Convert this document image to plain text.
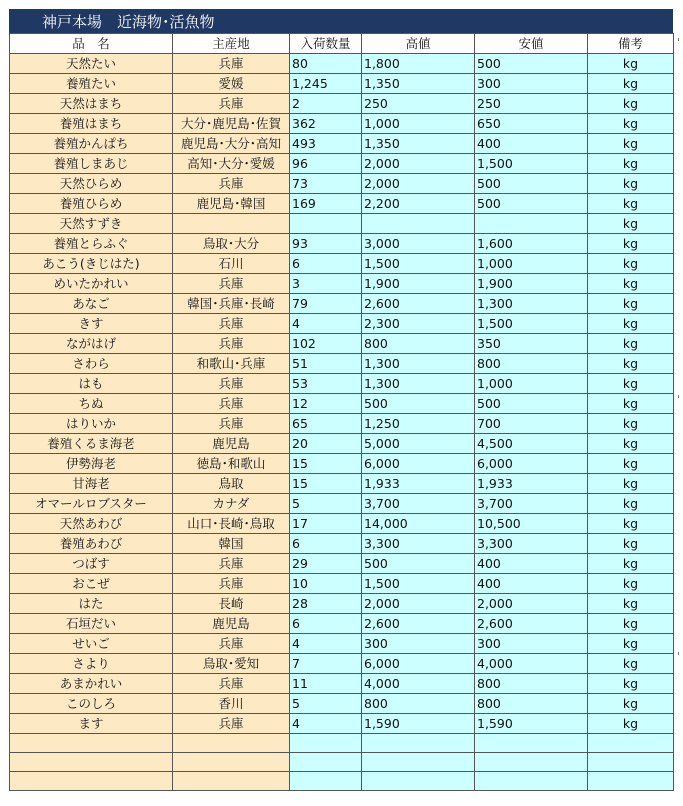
神戸本場　近海物･活魚物
品　名	主産地	入荷数量	高値	安値	備考
天然たい	兵庫	80	1,800	500	kg
養殖たい	愛媛	1,245	1,350	300	kg
天然はまち	兵庫	2	250	250	kg
養殖はまち	大分･鹿児島･佐賀	362	1,000	650	kg
養殖かんぱち	鹿児島･大分･高知	493	1,350	400	kg
養殖しまあじ	高知･大分･愛媛	96	2,000	1,500	kg
天然ひらめ	兵庫	73	2,000	500	kg
養殖ひらめ	鹿児島･韓国	169	2,200	500	kg
天然すずき					kg
養殖とらふぐ	鳥取･大分	93	3,000	1,600	kg
あこう(きじはた)	石川	6	1,500	1,000	kg
めいたかれい	兵庫	3	1,900	1,900	kg
あなご	韓国･兵庫･長崎	79	2,600	1,300	kg
きす	兵庫	4	2,300	1,500	kg
ながはげ	兵庫	102	800	350	kg
さわら	和歌山･兵庫	51	1,300	800	kg
はも	兵庫	53	1,300	1,000	kg
ちぬ	兵庫	12	500	500	kg
はりいか	兵庫	65	1,250	700	kg
養殖くるま海老	鹿児島	20	5,000	4,500	kg
伊勢海老	徳島･和歌山	15	6,000	6,000	kg
甘海老	鳥取	15	1,933	1,933	kg
オマールロブスター	カナダ	5	3,700	3,700	kg
天然あわび	山口･長崎･鳥取	17	14,000	10,500	kg
養殖あわび	韓国	6	3,300	3,300	kg
つばす	兵庫	29	500	400	kg
おこぜ	兵庫	10	1,500	400	kg
はた	長崎	28	2,000	2,000	kg
石垣だい	鹿児島	6	2,600	2,600	kg
せいご	兵庫	4	300	300	kg
さより	鳥取･愛知	7	6,000	4,000	kg
あまかれい	兵庫	11	4,000	800	kg
このしろ	香川	5	800	800	kg
ます	兵庫	4	1,590	1,590	kg
